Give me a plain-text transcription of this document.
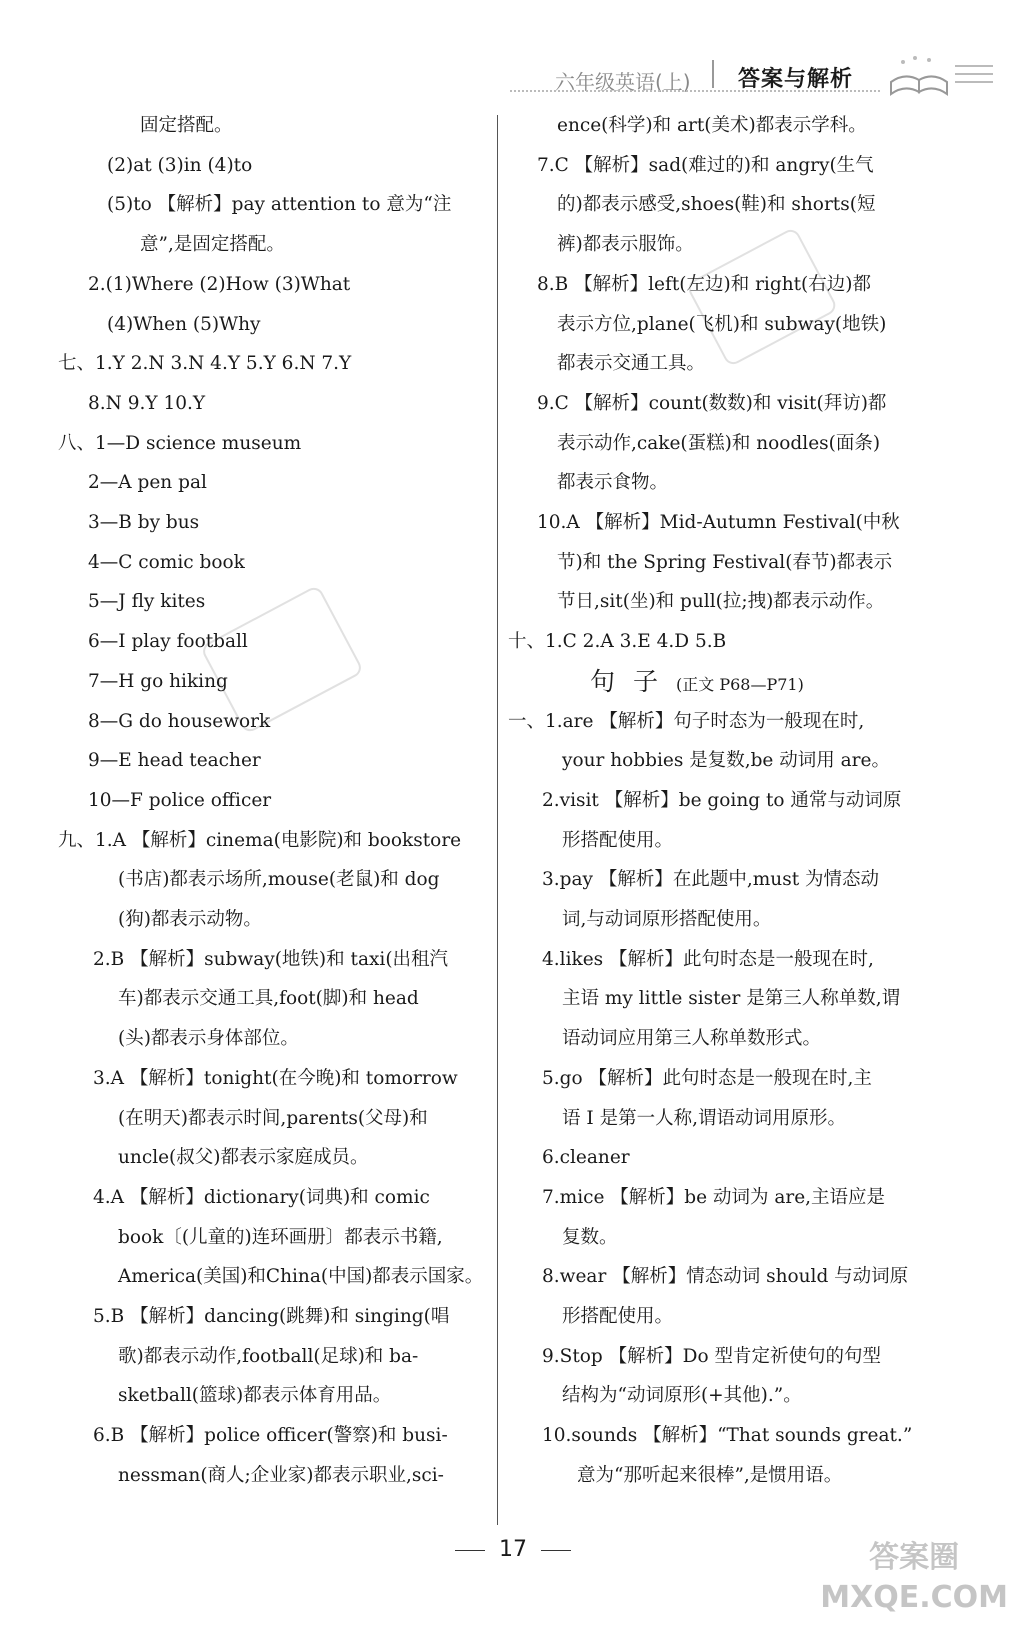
六年级英语(上) 答案与解析
固定搭配。
(2)at (3)in (4)to
(5)to 【解析】pay attention to 意为“注
意”,是固定搭配。
2.(1)Where (2)How (3)What
(4)When (5)Why
七、1.Y 2.N 3.N 4.Y 5.Y 6.N 7.Y
8.N 9.Y 10.Y
八、1—D science museum
2—A pen pal
3—B by bus
4—C comic book
5—J fly kites
6—I play football
7—H go hiking
8—G do housework
9—E head teacher
10—F police officer
九、1.A 【解析】cinema(电影院)和 bookstore
(书店)都表示场所,mouse(老鼠)和 dog
(狗)都表示动物。
2.B 【解析】subway(地铁)和 taxi(出租汽
车)都表示交通工具,foot(脚)和 head
(头)都表示身体部位。
3.A 【解析】tonight(在今晚)和 tomorrow
(在明天)都表示时间,parents(父母)和
uncle(叔父)都表示家庭成员。
4.A 【解析】dictionary(词典)和 comic
book〔(儿童的)连环画册〕都表示书籍,
America(美国)和China(中国)都表示国家。
5.B 【解析】dancing(跳舞)和 singing(唱
歌)都表示动作,football(足球)和 ba-
sketball(篮球)都表示体育用品。
6.B 【解析】police officer(警察)和 busi-
nessman(商人;企业家)都表示职业,sci-
ence(科学)和 art(美术)都表示学科。
7.C 【解析】sad(难过的)和 angry(生气
的)都表示感受,shoes(鞋)和 shorts(短
裤)都表示服饰。
8.B 【解析】left(左边)和 right(右边)都
表示方位,plane(飞机)和 subway(地铁)
都表示交通工具。
9.C 【解析】count(数数)和 visit(拜访)都
表示动作,cake(蛋糕)和 noodles(面条)
都表示食物。
10.A 【解析】Mid-Autumn Festival(中秋
节)和 the Spring Festival(春节)都表示
节日,sit(坐)和 pull(拉;拽)都表示动作。
十、1.C 2.A 3.E 4.D 5.B
句子(正文 P68—P71)
一、1.are 【解析】句子时态为一般现在时,
your hobbies 是复数,be 动词用 are。
2.visit 【解析】be going to 通常与动词原
形搭配使用。
3.pay 【解析】在此题中,must 为情态动
词,与动词原形搭配使用。
4.likes 【解析】此句时态是一般现在时,
主语 my little sister 是第三人称单数,谓
语动词应用第三人称单数形式。
5.go 【解析】此句时态是一般现在时,主
语 I 是第一人称,谓语动词用原形。
6.cleaner
7.mice 【解析】be 动词为 are,主语应是
复数。
8.wear 【解析】情态动词 should 与动词原
形搭配使用。
9.Stop 【解析】Do 型肯定祈使句的句型
结构为“动词原形(+其他).”。
10.sounds 【解析】“That sounds great.”
意为“那听起来很棒”,是惯用语。
17	答案圈
MXQE.COM
